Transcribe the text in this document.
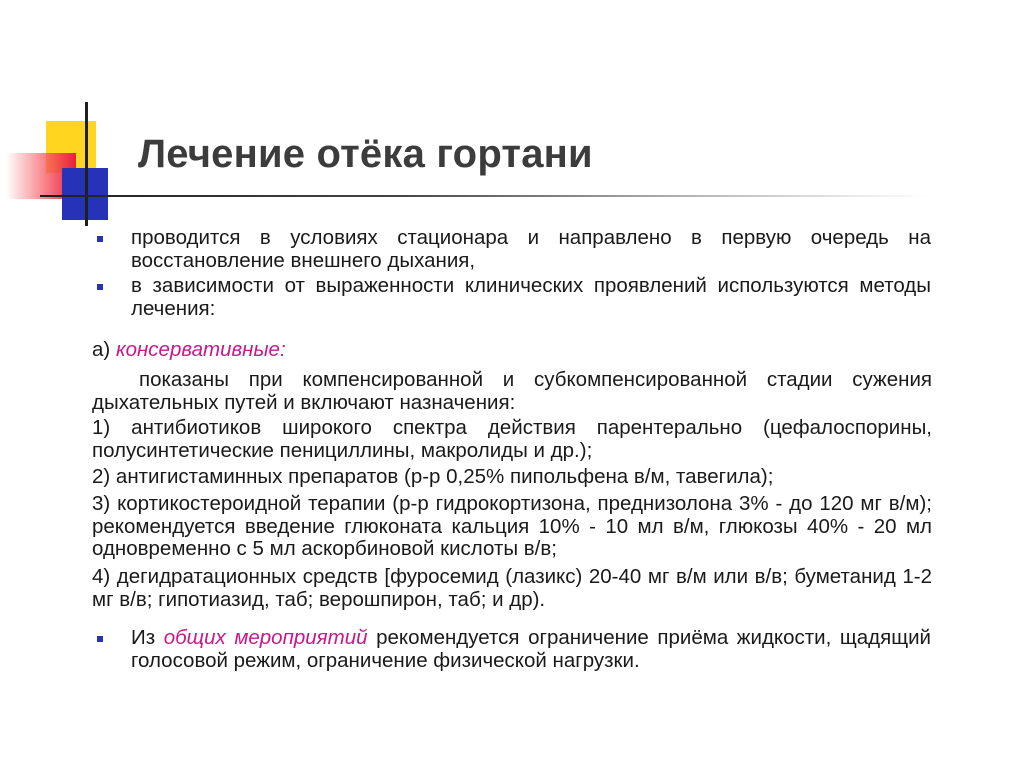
Лечение отёка гортани
проводится в условиях стационара и направлено в первую очередь на восстановление внешнего дыхания,
в зависимости от выраженности клинических проявлений используются методы лечения:
а) консервативные:
показаны при компенсированной и субкомпенсированной стадии сужения дыхательных путей и включают назначения:
1) антибиотиков широкого спектра действия парентерально (цефалоспорины, полусинтетические пенициллины, макролиды и др.);
2) антигистаминных препаратов (р-р 0,25% пипольфена в/м, тавегила);
3) кортикостероидной терапии (р-р гидрокортизона, преднизолона 3% - до 120 мг в/м); рекомендуется введение глюконата кальция 10% - 10 мл в/м, глюкозы 40% - 20 мл одновременно с 5 мл аскорбиновой кислоты в/в;
4) дегидратационных средств [фуросемид (лазикс) 20-40 мг в/м или в/в; буметанид 1-2 мг в/в; гипотиазид, таб; верошпирон, таб; и др).
Из общих мероприятий рекомендуется ограничение приёма жидкости, щадящий голосовой режим, ограничение физической нагрузки.
